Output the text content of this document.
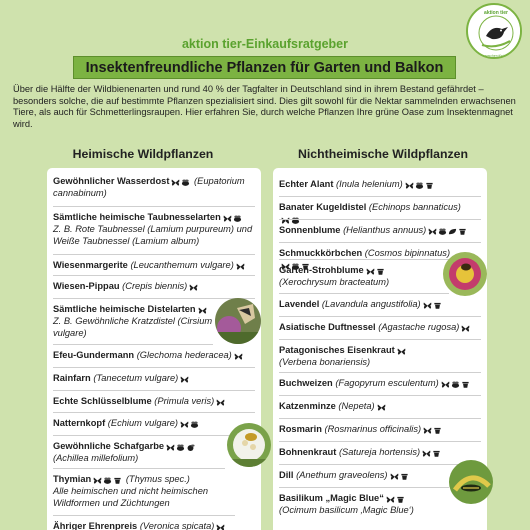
aktion tier-Einkaufsratgeber
aktion tier
menschen für tiere
Insektenfreundliche Pflanzen für Garten und Balkon
Über die Hälfte der Wildbienenarten und rund 40 % der Tagfalter in Deutschland sind in ihrem Bestand gefährdet – besonders solche, die auf bestimmte Pflanzen spezialisiert sind. Dies gilt sowohl für die Nektar sammelnden erwachsenen Tiere, als auch für Schmetterlingsraupen. Hier erfahren Sie, durch welche Pflanzen Ihre grüne Oase zum Insektenmagnet wird.
Heimische Wildpflanzen	Nichtheimische Wildpflanzen
Gewöhnlicher Wasserdost	(Eupatorium cannabinum)
Sämtliche heimische Taubnesselarten
Z. B. Rote Taubnessel (Lamium purpureum) und Weiße Taubnessel (Lamium album)
Wiesenmargerite (Leucanthemum vulgare)
Wiesen-Pippau (Crepis biennis)
Sämtliche heimische Distelarten
Z. B. Gewöhnliche Kratzdistel (Cirsium vulgare)
Efeu-Gundermann (Glechoma hederacea)
Rainfarn (Tanecetum vulgare)
Echte Schlüsselblume (Primula veris)
Natternkopf (Echium vulgare)
Gewöhnliche Schafgarbe
(Achillea millefolium)
Thymian	(Thymus spec.)
Alle heimischen und nicht heimischen Wildformen und Züchtungen
Ähriger Ehrenpreis (Veronica spicata)
Echter Alant (Inula helenium)
Banater Kugeldistel (Echinops bannaticus)
Sonnenblume (Helianthus annuus)
Schmuckkörbchen (Cosmos bipinnatus)
Garten-Strohblume
(Xerochrysum bracteatum)
Lavendel (Lavandula angustifolia)
Asiatische Duftnessel (Agastache rugosa)
Patagonisches Eisenkraut
(Verbena bonariensis)
Buchweizen (Fagopyrum esculentum)
Katzenminze (Nepeta)
Rosmarin (Rosmarinus officinalis)
Bohnenkraut (Satureja hortensis)
Dill (Anethum graveolens)
Basilikum „Magic Blue“
(Ocimum basilicum ‚Magic Blue‘)
